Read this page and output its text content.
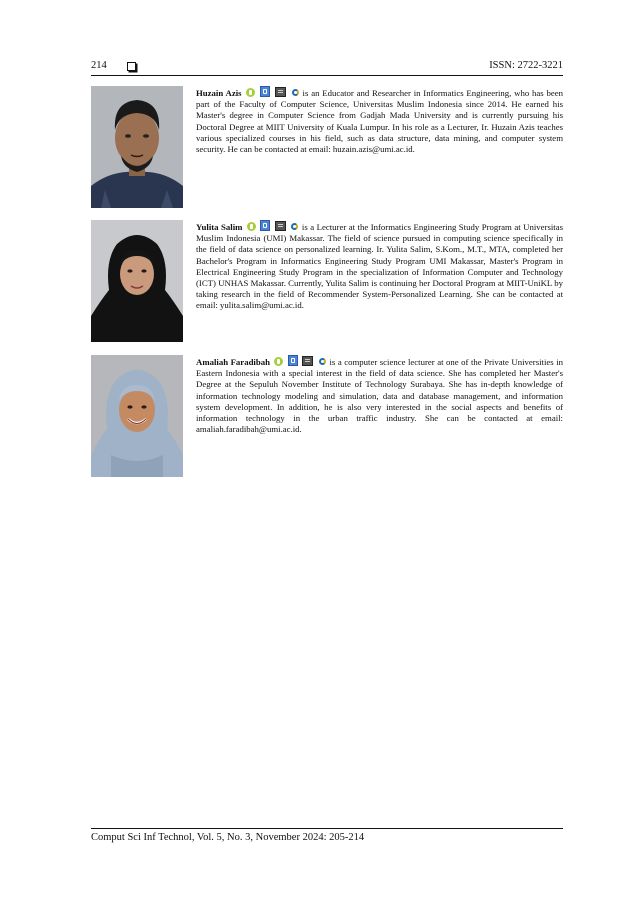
214	ISSN: 2722-3221
Huzain Azis	is an Educator and Researcher in Informatics Engineering, who has been part of the Faculty of Computer Science, Universitas Muslim Indonesia since 2014. He earned his Master's degree in Computer Science from Gadjah Mada University and is currently pursuing his Doctoral Degree at MIIT University of Kuala Lumpur. In his role as a Lecturer, Ir. Huzain Azis teaches various specialized courses in his field, such as data structure, data mining, and computer system security. He can be contacted at email: huzain.azis@umi.ac.id.
Yulita Salim	is a Lecturer at the Informatics Engineering Study Program at Universitas Muslim Indonesia (UMI) Makassar. The field of science pursued in computing science specifically in the field of data science on personalized learning. Ir. Yulita Salim, S.Kom., M.T., MTA, completed her Bachelor's Program in Informatics Engineering Study Program UMI Makassar, Master's Program in Electrical Engineering Study Program in the specialization of Information Computer and Technology (ICT) UNHAS Makassar. Currently, Yulita Salim is continuing her Doctoral Program at MIIT-UniKL by taking research in the field of Recommender System-Personalized Learning. She can be contacted at email: yulita.salim@umi.ac.id.
Amaliah Faradibah	is a computer science lecturer at one of the Private Universities in Eastern Indonesia with a special interest in the field of data science. She has completed her Master's Degree at the Sepuluh November Institute of Technology Surabaya. She has in-depth knowledge of information technology modeling and simulation, data and database management, and information system development. In addition, he is also very interested in the social aspects and benefits of information technology in the urban traffic industry. She can be contacted at email: amaliah.faradibah@umi.ac.id.
Comput Sci Inf Technol, Vol. 5, No. 3, November 2024: 205-214
